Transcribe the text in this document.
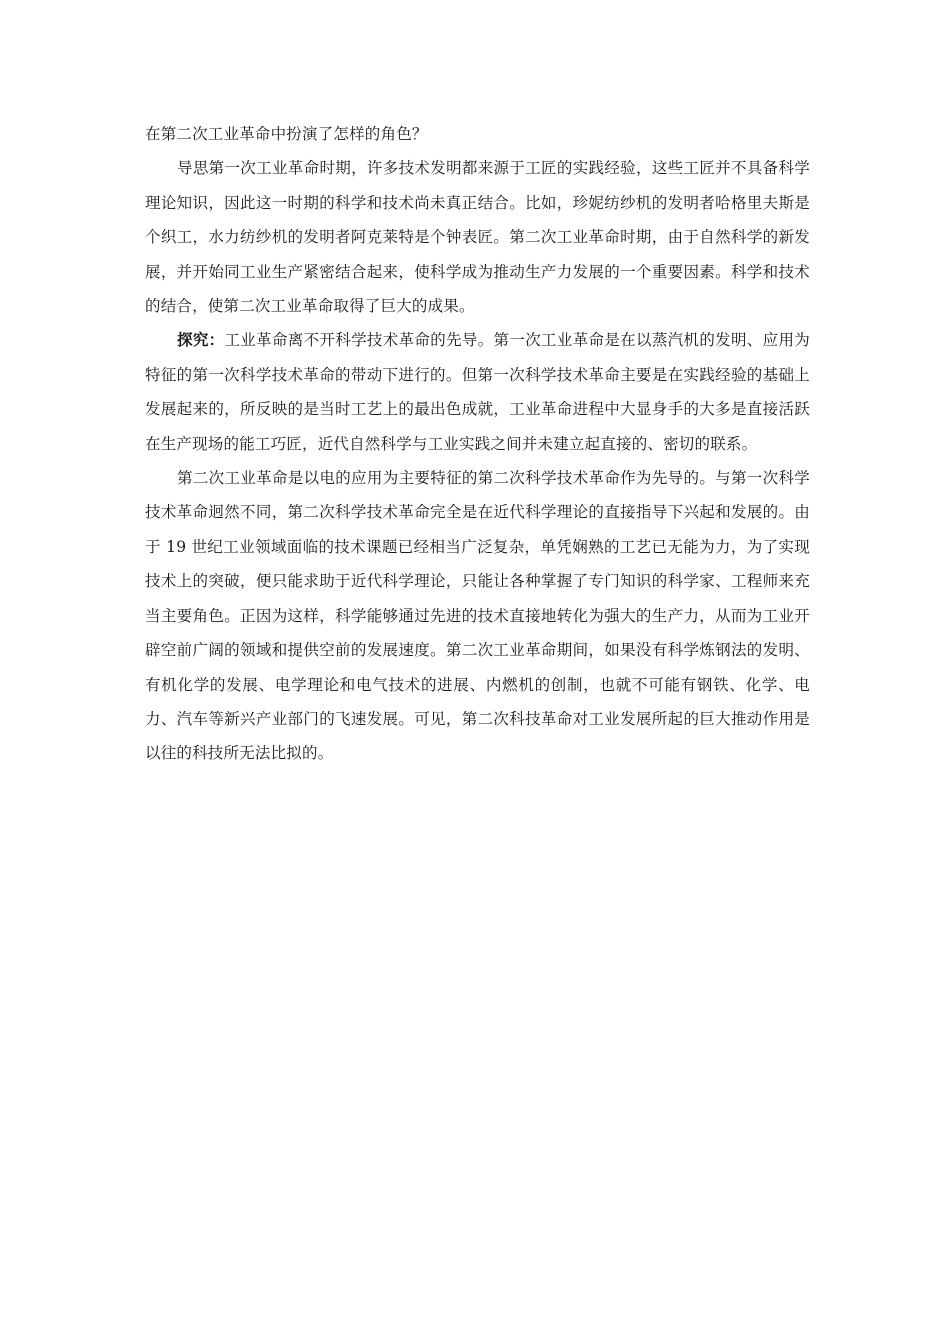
在第二次工业革命中扮演了怎样的角色？

导思第一次工业革命时期，许多技术发明都来源于工匠的实践经验，这些工匠并不具备科学理论知识，因此这一时期的科学和技术尚未真正结合。比如，珍妮纺纱机的发明者哈格里夫斯是个织工，水力纺纱机的发明者阿克莱特是个钟表匠。第二次工业革命时期，由于自然科学的新发展，并开始同工业生产紧密结合起来，使科学成为推动生产力发展的一个重要因素。科学和技术的结合，使第二次工业革命取得了巨大的成果。

探究：工业革命离不开科学技术革命的先导。第一次工业革命是在以蒸汽机的发明、应用为特征的第一次科学技术革命的带动下进行的。但第一次科学技术革命主要是在实践经验的基础上发展起来的，所反映的是当时工艺上的最出色成就，工业革命进程中大显身手的大多是直接活跃在生产现场的能工巧匠，近代自然科学与工业实践之间并未建立起直接的、密切的联系。

第二次工业革命是以电的应用为主要特征的第二次科学技术革命作为先导的。与第一次科学技术革命迥然不同，第二次科学技术革命完全是在近代科学理论的直接指导下兴起和发展的。由于 19 世纪工业领域面临的技术课题已经相当广泛复杂，单凭娴熟的工艺已无能为力，为了实现技术上的突破，便只能求助于近代科学理论，只能让各种掌握了专门知识的科学家、工程师来充当主要角色。正因为这样，科学能够通过先进的技术直接地转化为强大的生产力，从而为工业开辟空前广阔的领域和提供空前的发展速度。第二次工业革命期间，如果没有科学炼钢法的发明、有机化学的发展、电学理论和电气技术的进展、内燃机的创制，也就不可能有钢铁、化学、电力、汽车等新兴产业部门的飞速发展。可见，第二次科技革命对工业发展所起的巨大推动作用是以往的科技所无法比拟的。
